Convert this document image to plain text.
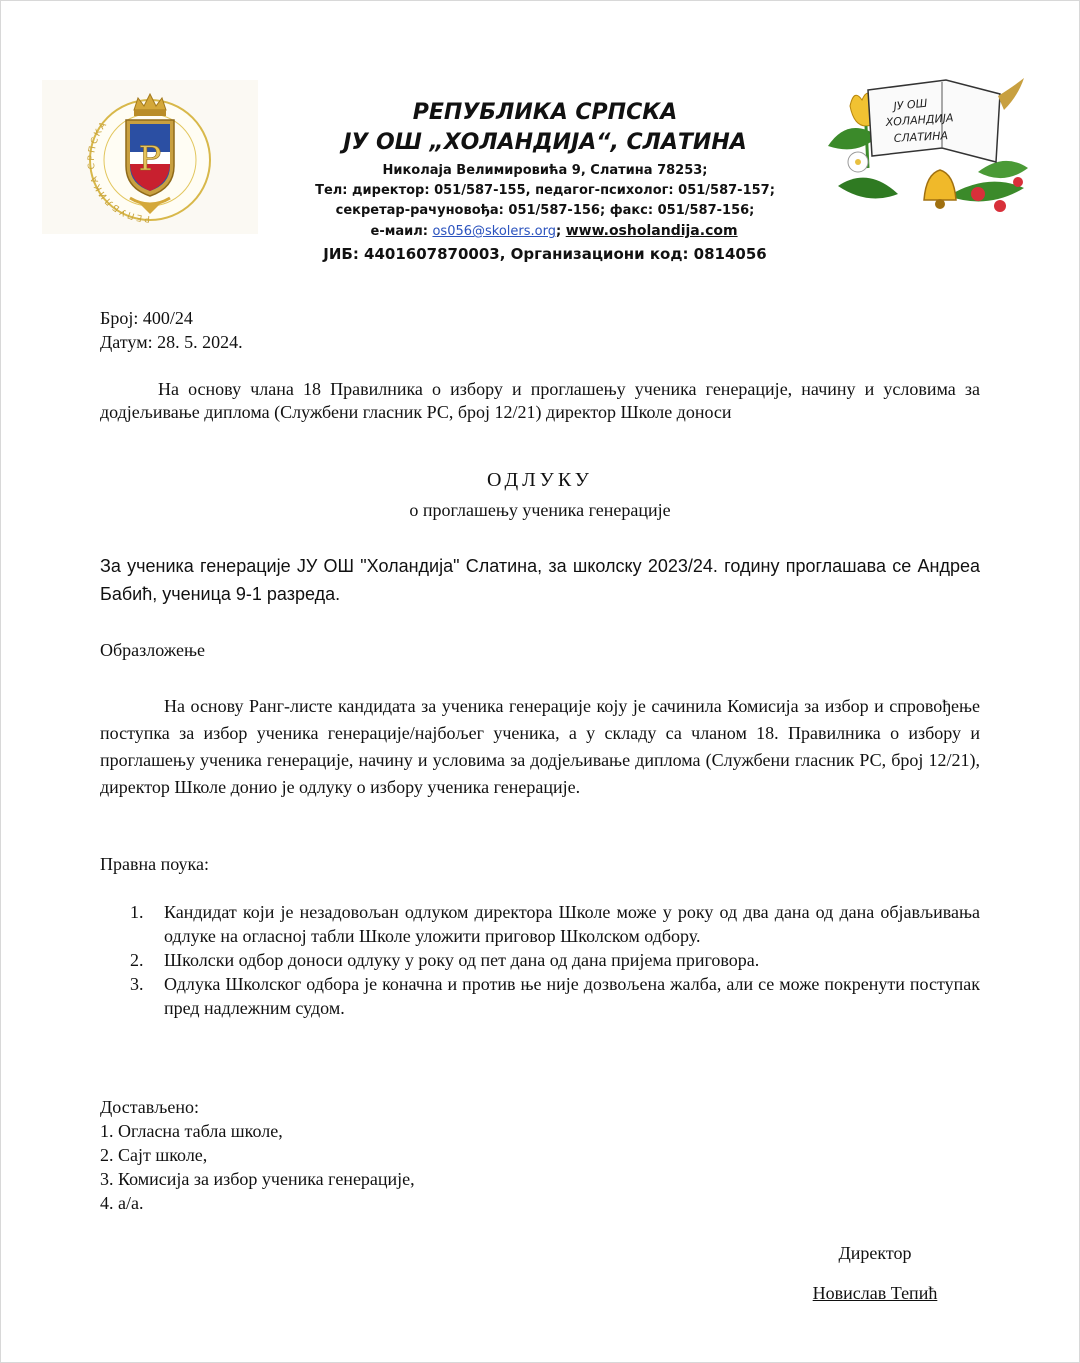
РЕПУБЛИКА СРПСКА
Р
РЕПУБЛИКА СРПСКА
ЈУ ОШ „ХОЛАНДИЈА“, СЛАТИНА
Николаја Велимировића 9, Слатина 78253;
Тел: директор: 051/587-155, педагог-психолог: 051/587-157;
секретар-рачуновођа: 051/587-156; факс: 051/587-156;
е-маил: os056@skolers.org; www.osholandija.com
ЈИБ: 4401607870003, Организациони код: 0814056
ЈУ ОШ
ХОЛАНДИЈА
СЛАТИНА
Број: 400/24
Датум: 28. 5. 2024.
На основу члана 18 Правилника о избору и проглашењу ученика генерације, начину и условима за додјељивање диплома (Службени гласник РС, број 12/21) директор Школе доноси
ОДЛУКУ
о проглашењу ученика генерације
За ученика генерације ЈУ ОШ "Холандија" Слатина, за школску 2023/24. годину проглашава се Андреа Бабић, ученица 9-1 разреда.
Образложење
На основу Ранг-листе кандидата за ученика генерације коју је сачинила Комисија за избор и спровођење поступка за избор ученика генерације/најбољег ученика, а у складу са чланом 18. Правилника о избору и проглашењу ученика генерације, начину и условима за додјељивање диплома (Службени гласник РС, број 12/21), директор Школе донио је одлуку о избору ученика генерације.
Правна поука:
1. Кандидат који је незадовољан одлуком директора Школе може у року од два дана од дана објављивања одлуке на огласној табли Школе уложити приговор Школском одбору.
2. Школски одбор доноси одлуку у року од пет дана од дана пријема приговора.
3. Одлука Школског одбора је коначна и против ње није дозвољена жалба, али се може покренути поступак пред надлежним судом.
Достављено:
1. Огласна табла школе,
2. Сајт школе,
3. Комисија за избор ученика генерације,
4. а/а.
Директор
Новислав Тепић
